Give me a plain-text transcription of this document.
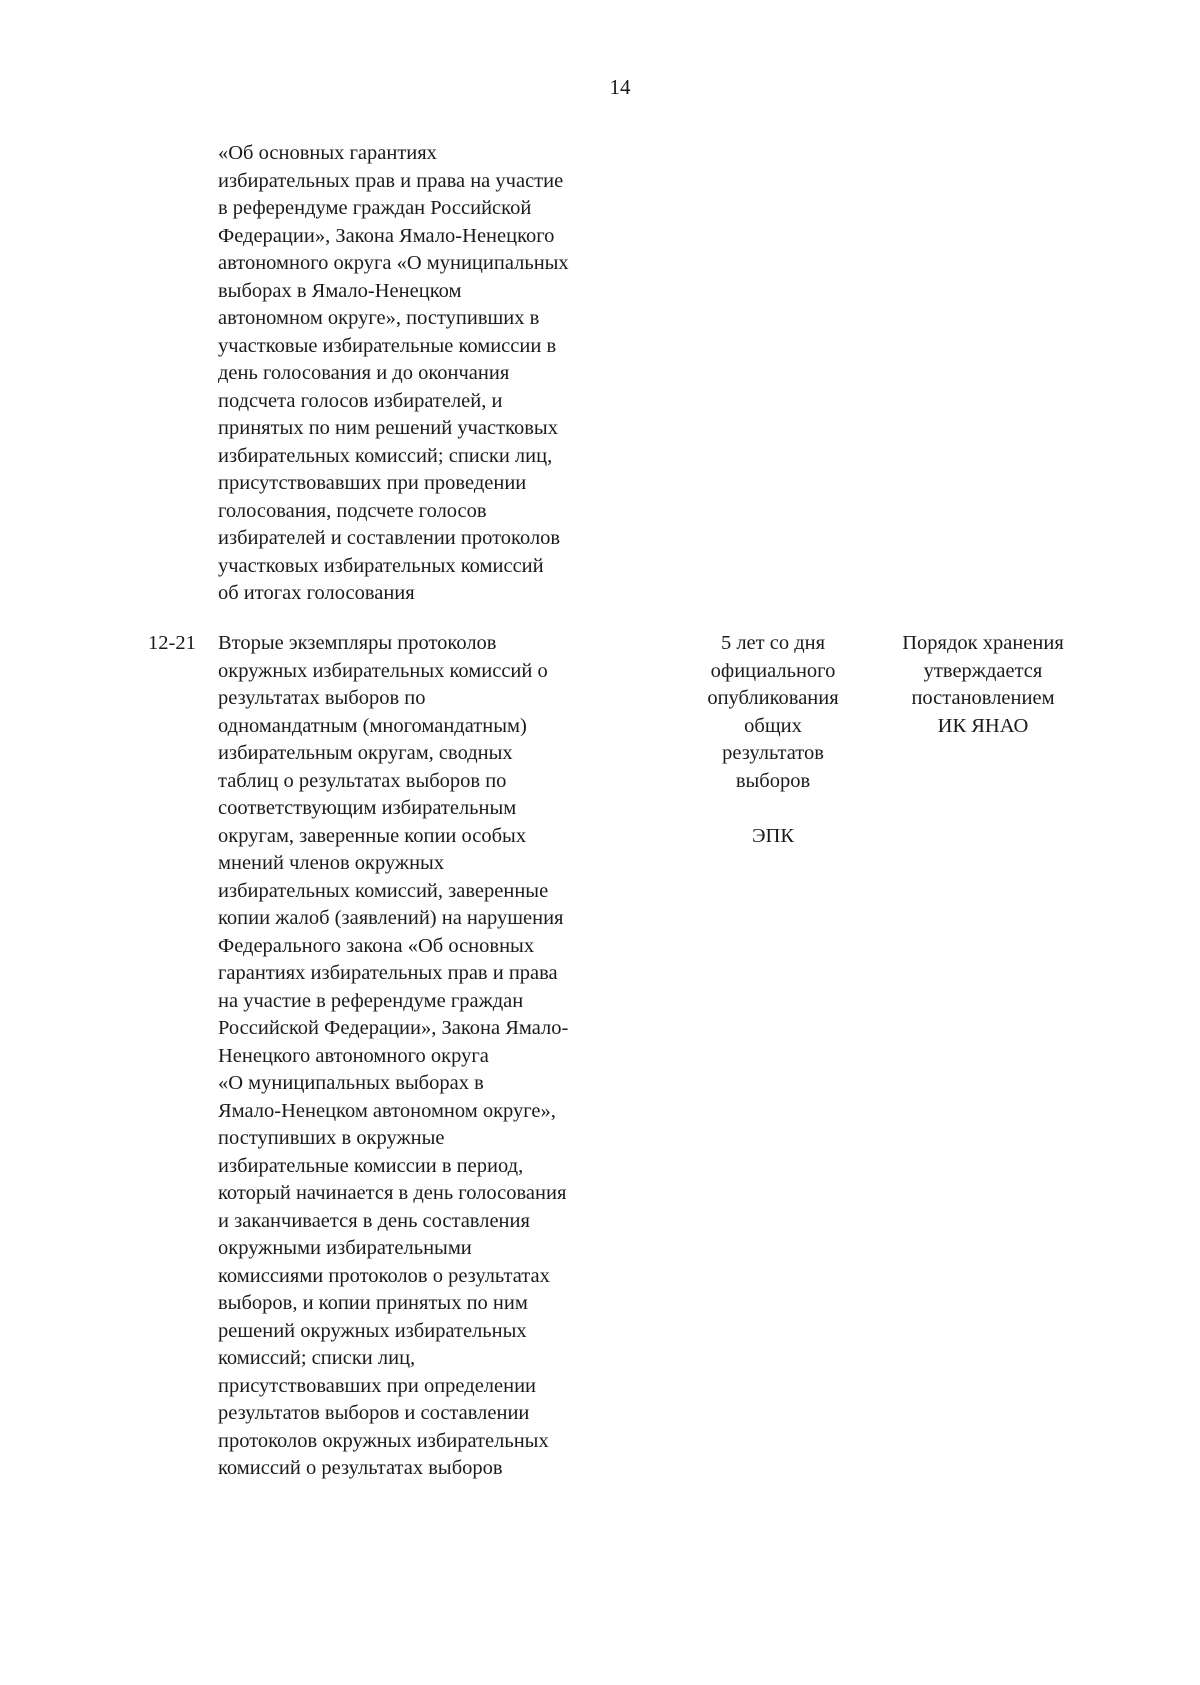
14
«Об основных гарантиях
избирательных прав и права на участие
в референдуме граждан Российской
Федерации», Закона Ямало-Ненецкого
автономного округа «О муниципальных
выборах в Ямало-Ненецком
автономном округе», поступивших в
участковые избирательные комиссии в
день голосования и до окончания
подсчета голосов избирателей, и
принятых по ним решений участковых
избирательных комиссий; списки лиц,
присутствовавших при проведении
голосования, подсчете голосов
избирателей и составлении протоколов
участковых избирательных комиссий
об итогах голосования
12-21 Вторые экземпляры протоколов
окружных избирательных комиссий о
результатах выборов по
одномандатным (многомандатным)
избирательным округам, сводных
таблиц о результатах выборов по
соответствующим избирательным
округам, заверенные копии особых
мнений членов окружных
избирательных комиссий, заверенные
копии жалоб (заявлений) на нарушения
Федерального закона «Об основных
гарантиях избирательных прав и права
на участие в референдуме граждан
Российской Федерации», Закона Ямало-
Ненецкого автономного округа
«О муниципальных выборах в
Ямало-Ненецком автономном округе»,
поступивших в окружные
избирательные комиссии в период,
который начинается в день голосования
и заканчивается в день составления
окружными избирательными
комиссиями протоколов о результатах
выборов, и копии принятых по ним
решений окружных избирательных
комиссий; списки лиц,
присутствовавших при определении
результатов выборов и составлении
протоколов окружных избирательных
комиссий о результатах выборов
5 лет со дня
официального
опубликования
общих
результатов
выборов
ЭПК
Порядок хранения
утверждается
постановлением
ИК ЯНАО
